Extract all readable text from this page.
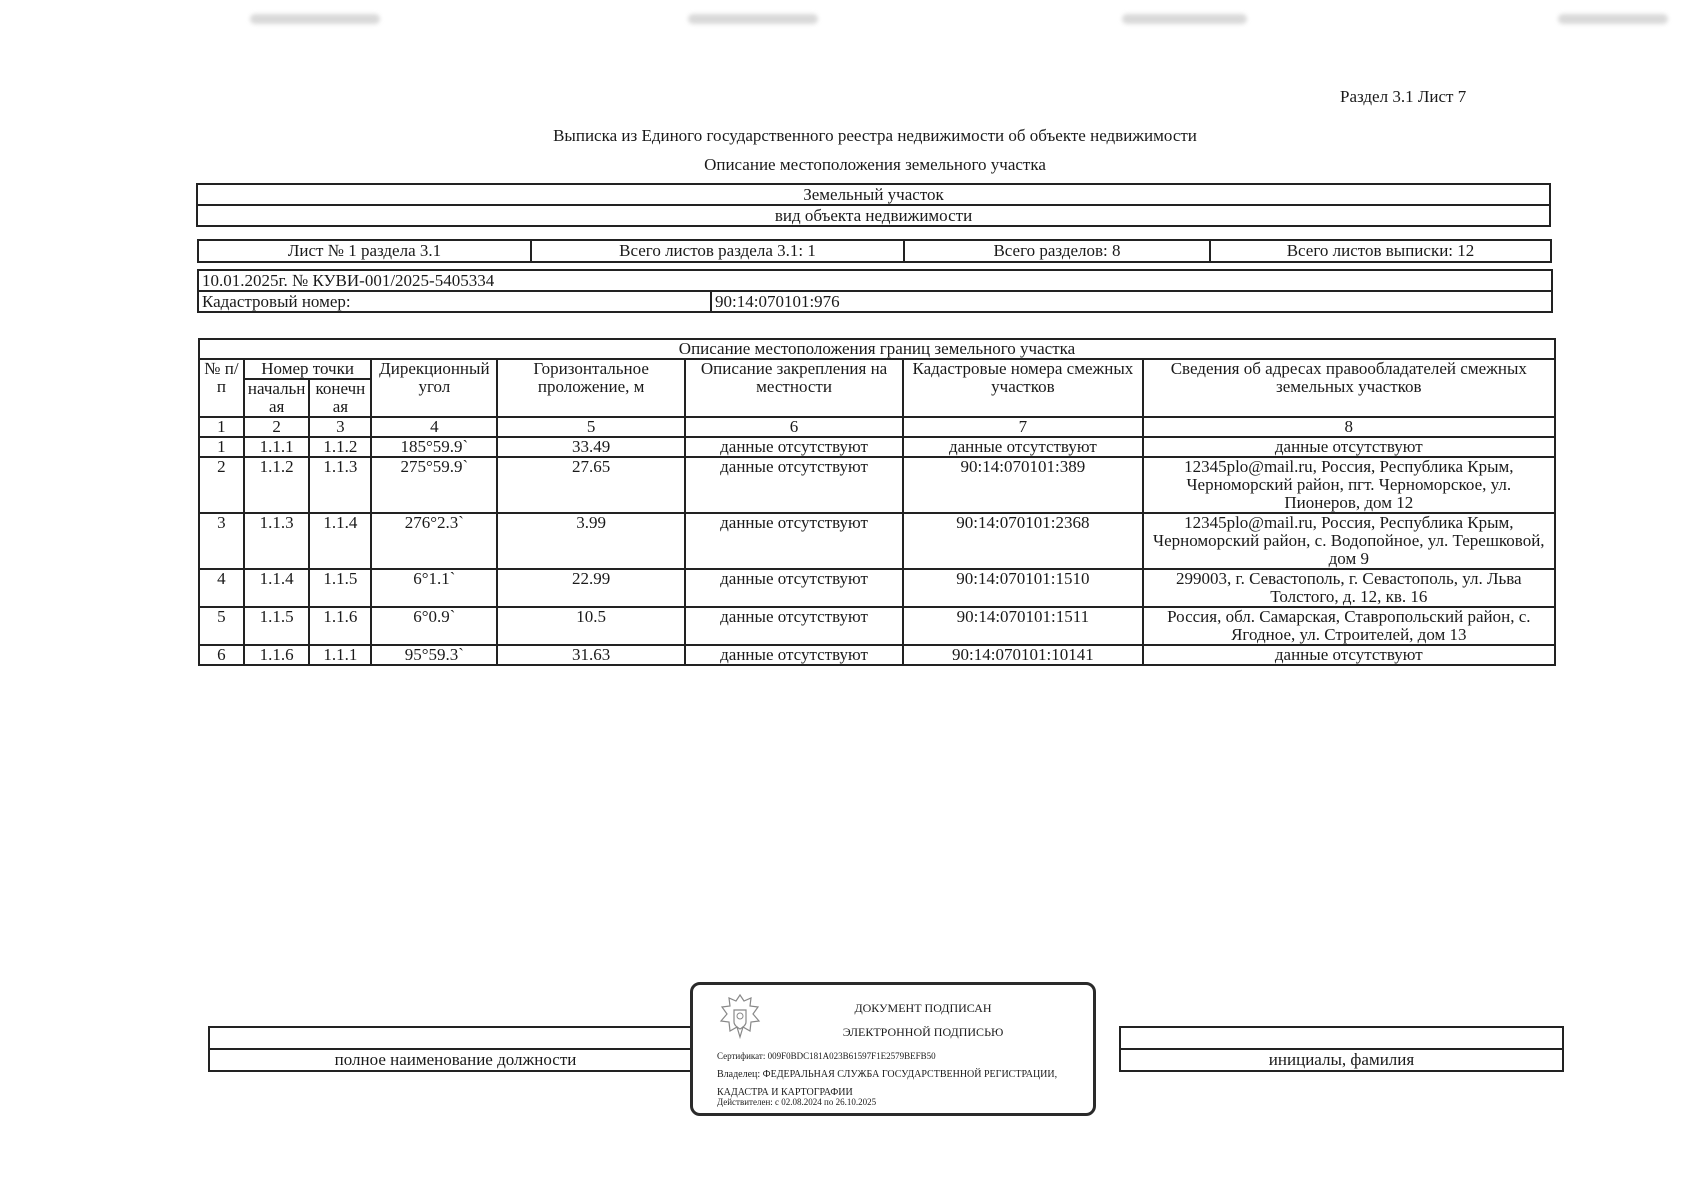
Раздел 3.1 Лист 7
Выписка из Единого государственного реестра недвижимости об объекте недвижимости
Описание местоположения земельного участка
Земельный участок
вид объекта недвижимости
Лист № 1 раздела 3.1	Всего листов раздела 3.1: 1	Всего разделов: 8	Всего листов выписки: 12
10.01.2025г. № КУВИ-001/2025-5405334
Кадастровый номер:	90:14:070101:976
Описание местоположения границ земельного участка							
№ п/п	Номер точки		Дирекционный угол	Горизонтальное проложение, м	Описание закрепления на местности	Кадастровые номера смежных участков	Сведения об адресах правообладателей смежных земельных участков
	начальн ая	конечн ая					
1	2	3	4	5	6	7	8
1	1.1.1	1.1.2	185°59.9`	33.49	данные отсутствуют	данные отсутствуют	данные отсутствуют
2	1.1.2	1.1.3	275°59.9`	27.65	данные отсутствуют	90:14:070101:389	12345plo@mail.ru, Россия, Республика Крым, Черноморский район, пгт. Черноморское, ул. Пионеров, дом 12
3	1.1.3	1.1.4	276°2.3`	3.99	данные отсутствуют	90:14:070101:2368	12345plo@mail.ru, Россия, Республика Крым, Черноморский район, с. Водопойное, ул. Терешковой, дом 9
4	1.1.4	1.1.5	6°1.1`	22.99	данные отсутствуют	90:14:070101:1510	299003, г. Севастополь, г. Севастополь, ул. Льва Толстого, д. 12, кв. 16
5	1.1.5	1.1.6	6°0.9`	10.5	данные отсутствуют	90:14:070101:1511	Россия, обл. Самарская, Ставропольский район, с. Ягодное, ул. Строителей, дом 13
6	1.1.6	1.1.1	95°59.3`	31.63	данные отсутствуют	90:14:070101:10141	данные отсутствуют

полное наименование должности		инициалы, фамилия
ДОКУМЕНТ ПОДПИСАН
ЭЛЕКТРОННОЙ ПОДПИСЬЮ
Сертификат: 009F0BDC181A023B61597F1E2579BEFB50
Владелец: ФЕДЕРАЛЬНАЯ СЛУЖБА ГОСУДАРСТВЕННОЙ РЕГИСТРАЦИИ, КАДАСТРА И КАРТОГРАФИИ
Действителен: с 02.08.2024 по 26.10.2025
